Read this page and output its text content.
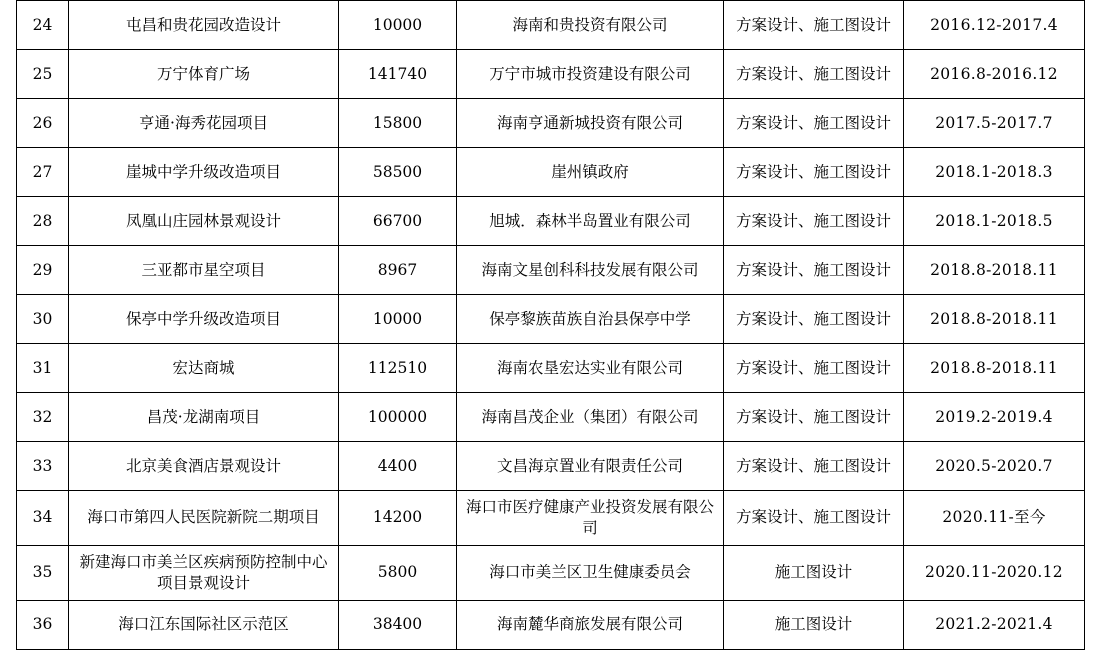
24	屯昌和贵花园改造设计	10000	海南和贵投资有限公司	方案设计、施工图设计	2016.12-2017.4
25	万宁体育广场	141740	万宁市城市投资建设有限公司	方案设计、施工图设计	2016.8-2016.12
26	亨通·海秀花园项目	15800	海南亨通新城投资有限公司	方案设计、施工图设计	2017.5-2017.7
27	崖城中学升级改造项目	58500	崖州镇政府	方案设计、施工图设计	2018.1-2018.3
28	凤凰山庄园林景观设计	66700	旭城．森林半岛置业有限公司	方案设计、施工图设计	2018.1-2018.5
29	三亚都市星空项目	8967	海南文星创科科技发展有限公司	方案设计、施工图设计	2018.8-2018.11
30	保亭中学升级改造项目	10000	保亭黎族苗族自治县保亭中学	方案设计、施工图设计	2018.8-2018.11
31	宏达商城	112510	海南农垦宏达实业有限公司	方案设计、施工图设计	2018.8-2018.11
32	昌茂·龙湖南项目	100000	海南昌茂企业（集团）有限公司	方案设计、施工图设计	2019.2-2019.4
33	北京美食酒店景观设计	4400	文昌海京置业有限责任公司	方案设计、施工图设计	2020.5-2020.7
34	海口市第四人民医院新院二期项目	14200	海口市医疗健康产业投资发展有限公司	方案设计、施工图设计	2020.11-至今
35	新建海口市美兰区疾病预防控制中心项目景观设计	5800	海口市美兰区卫生健康委员会	施工图设计	2020.11-2020.12
36	海口江东国际社区示范区	38400	海南麓华商旅发展有限公司	施工图设计	2021.2-2021.4
